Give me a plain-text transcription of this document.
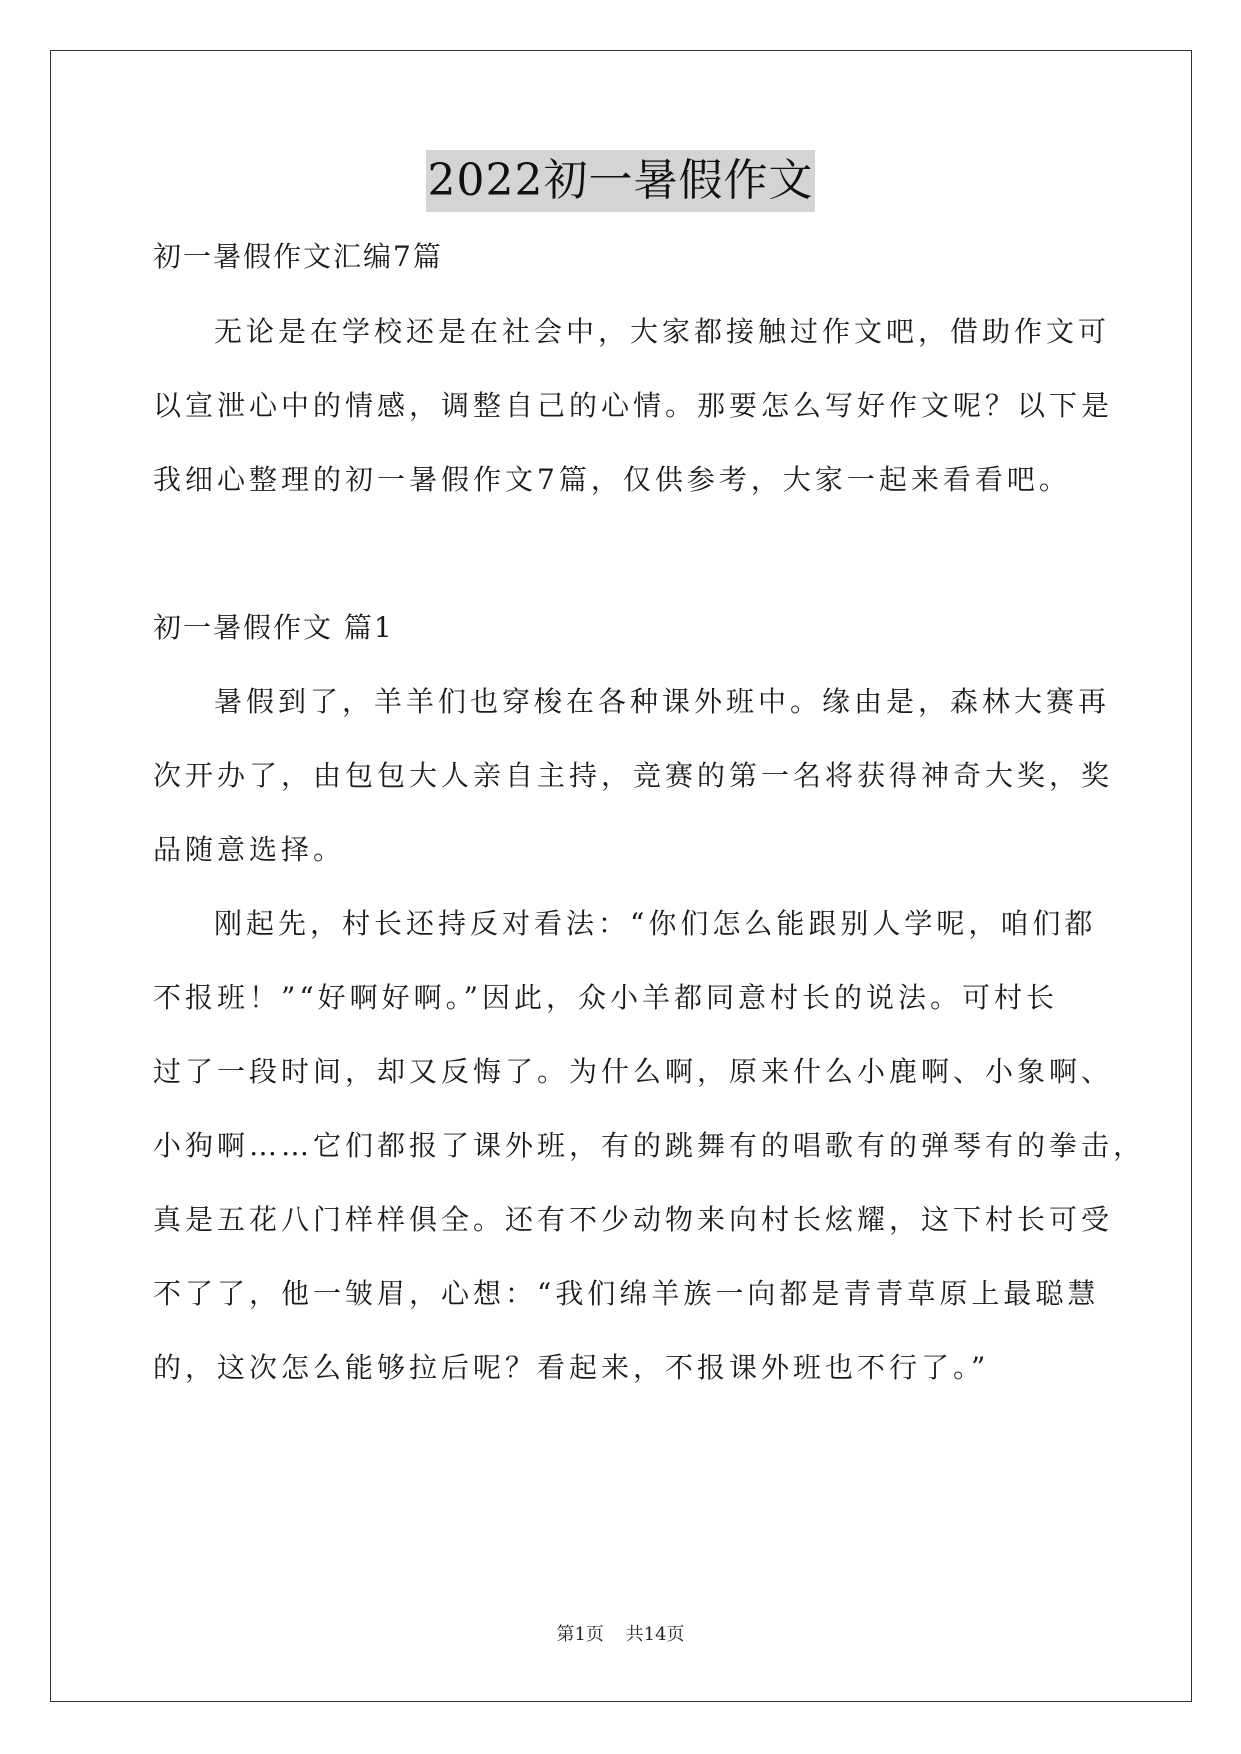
2022初一暑假作文
初一暑假作文汇编7篇
无论是在学校还是在社会中，大家都接触过作文吧，借助作文可
以宣泄心中的情感，调整自己的心情。那要怎么写好作文呢？以下是
我细心整理的初一暑假作文7篇，仅供参考，大家一起来看看吧。
初一暑假作文 篇1
暑假到了，羊羊们也穿梭在各种课外班中。缘由是，森林大赛再
次开办了，由包包大人亲自主持，竞赛的第一名将获得神奇大奖，奖
品随意选择。
刚起先，村长还持反对看法：“你们怎么能跟别人学呢，咱们都
不报班！”“好啊好啊。”因此，众小羊都同意村长的说法。可村长
过了一段时间，却又反悔了。为什么啊，原来什么小鹿啊、小象啊、
小狗啊……它们都报了课外班，有的跳舞有的唱歌有的弹琴有的拳击，
真是五花八门样样俱全。还有不少动物来向村长炫耀，这下村长可受
不了了，他一皱眉，心想：“我们绵羊族一向都是青青草原上最聪慧
的，这次怎么能够拉后呢？看起来，不报课外班也不行了。”
第1页 共14页
